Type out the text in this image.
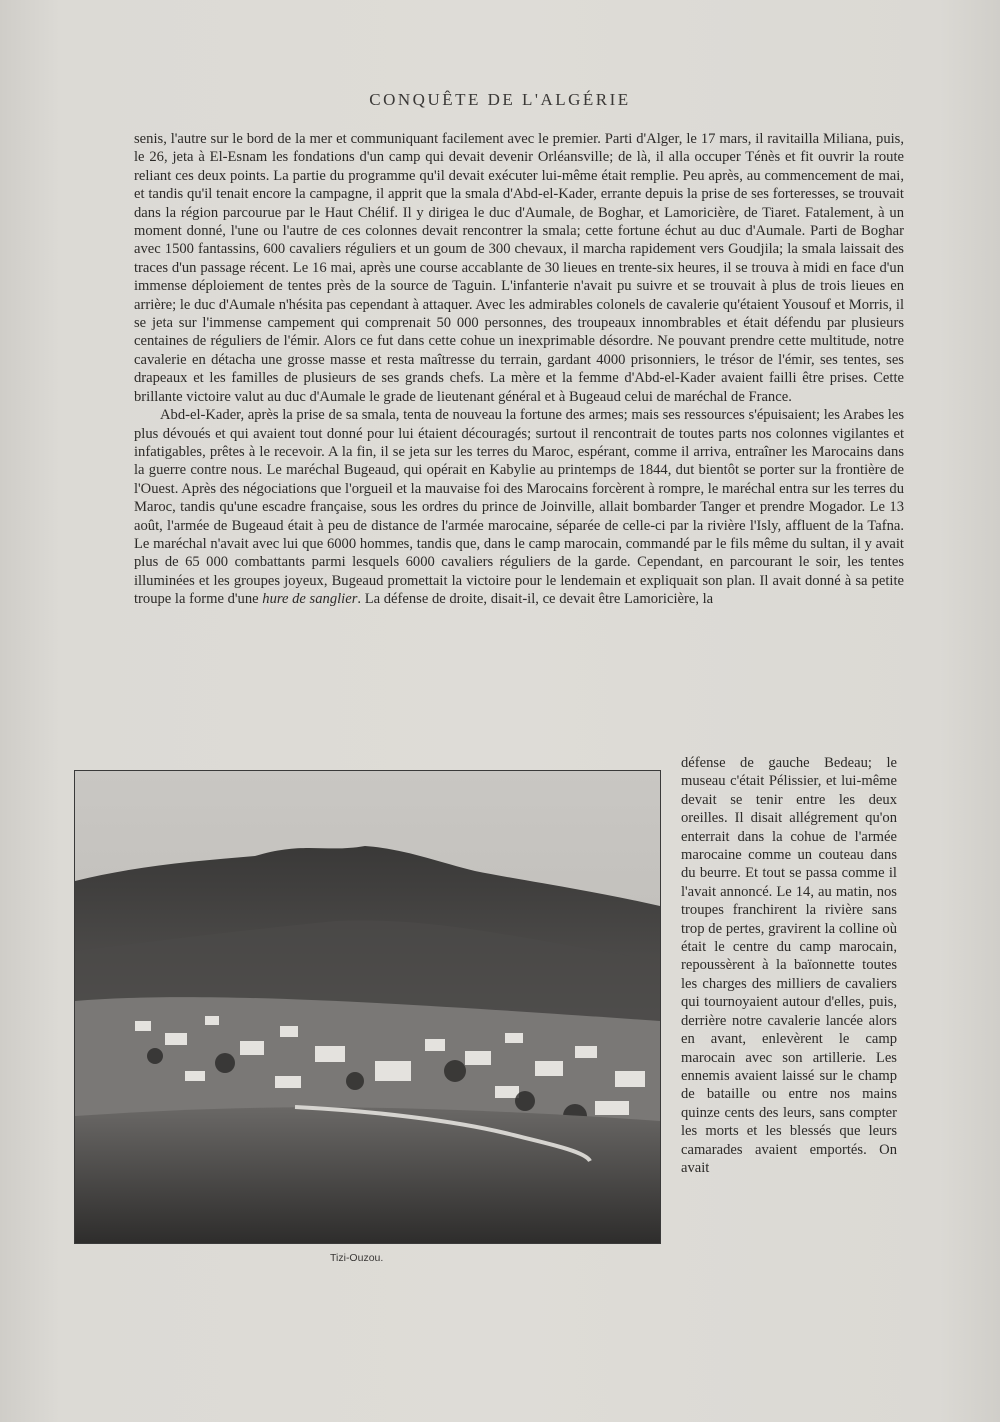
CONQUÊTE DE L'ALGÉRIE

senis, l'autre sur le bord de la mer et communiquant facilement avec le premier. Parti d'Alger, le 17 mars, il ravitailla Miliana, puis, le 26, jeta à El-Esnam les fondations d'un camp qui devait devenir Orléansville; de là, il alla occuper Ténès et fit ouvrir la route reliant ces deux points. La partie du programme qu'il devait exécuter lui-même était remplie. Peu après, au commencement de mai, et tandis qu'il tenait encore la campagne, il apprit que la smala d'Abd-el-Kader, errante depuis la prise de ses forteresses, se trouvait dans la région parcourue par le Haut Chélif. Il y dirigea le duc d'Aumale, de Boghar, et Lamoricière, de Tiaret. Fatalement, à un moment donné, l'une ou l'autre de ces colonnes devait rencontrer la smala; cette fortune échut au duc d'Aumale. Parti de Boghar avec 1500 fantassins, 600 cavaliers réguliers et un goum de 300 chevaux, il marcha rapidement vers Goudjila; la smala laissait des traces d'un passage récent. Le 16 mai, après une course accablante de 30 lieues en trente-six heures, il se trouva à midi en face d'un immense déploiement de tentes près de la source de Taguin. L'infanterie n'avait pu suivre et se trouvait à plus de trois lieues en arrière; le duc d'Aumale n'hésita pas cependant à attaquer. Avec les admirables colonels de cavalerie qu'étaient Yousouf et Morris, il se jeta sur l'immense campement qui comprenait 50 000 personnes, des troupeaux innombrables et était défendu par plusieurs centaines de réguliers de l'émir. Alors ce fut dans cette cohue un inexprimable désordre. Ne pouvant prendre cette multitude, notre cavalerie en détacha une grosse masse et resta maîtresse du terrain, gardant 4000 prisonniers, le trésor de l'émir, ses tentes, ses drapeaux et les familles de plusieurs de ses grands chefs. La mère et la femme d'Abd-el-Kader avaient failli être prises. Cette brillante victoire valut au duc d'Aumale le grade de lieutenant général et à Bugeaud celui de maréchal de France.

Abd-el-Kader, après la prise de sa smala, tenta de nouveau la fortune des armes; mais ses ressources s'épuisaient; les Arabes les plus dévoués et qui avaient tout donné pour lui étaient découragés; surtout il rencontrait de toutes parts nos colonnes vigilantes et infatigables, prêtes à le recevoir. A la fin, il se jeta sur les terres du Maroc, espérant, comme il arriva, entraîner les Marocains dans la guerre contre nous. Le maréchal Bugeaud, qui opérait en Kabylie au printemps de 1844, dut bientôt se porter sur la frontière de l'Ouest. Après des négociations que l'orgueil et la mauvaise foi des Marocains forcèrent à rompre, le maréchal entra sur les terres du Maroc, tandis qu'une escadre française, sous les ordres du prince de Joinville, allait bombarder Tanger et prendre Mogador. Le 13 août, l'armée de Bugeaud était à peu de distance de l'armée marocaine, séparée de celle-ci par la rivière l'Isly, affluent de la Tafna. Le maréchal n'avait avec lui que 6000 hommes, tandis que, dans le camp marocain, commandé par le fils même du sultan, il y avait plus de 65 000 combattants parmi lesquels 6000 cavaliers réguliers de la garde. Cependant, en parcourant le soir, les tentes illuminées et les groupes joyeux, Bugeaud promettait la victoire pour le lendemain et expliquait son plan. Il avait donné à sa petite troupe la forme d'une hure de sanglier. La défense de droite, disait-il, ce devait être Lamoricière, la

Tizi-Ouzou.

défense de gauche Bedeau; le museau c'était Pélissier, et lui-même devait se tenir entre les deux oreilles. Il disait allégrement qu'on enterrait dans la cohue de l'armée marocaine comme un couteau dans du beurre. Et tout se passa comme il l'avait annoncé. Le 14, au matin, nos troupes franchirent la rivière sans trop de pertes, gravirent la colline où était le centre du camp marocain, repoussèrent à la baïonnette toutes les charges des milliers de cavaliers qui tournoyaient autour d'elles, puis, derrière notre cavalerie lancée alors en avant, enlevèrent le camp marocain avec son artillerie. Les ennemis avaient laissé sur le champ de bataille ou entre nos mains quinze cents des leurs, sans compter les morts et les blessés que leurs camarades avaient emportés. On avait
